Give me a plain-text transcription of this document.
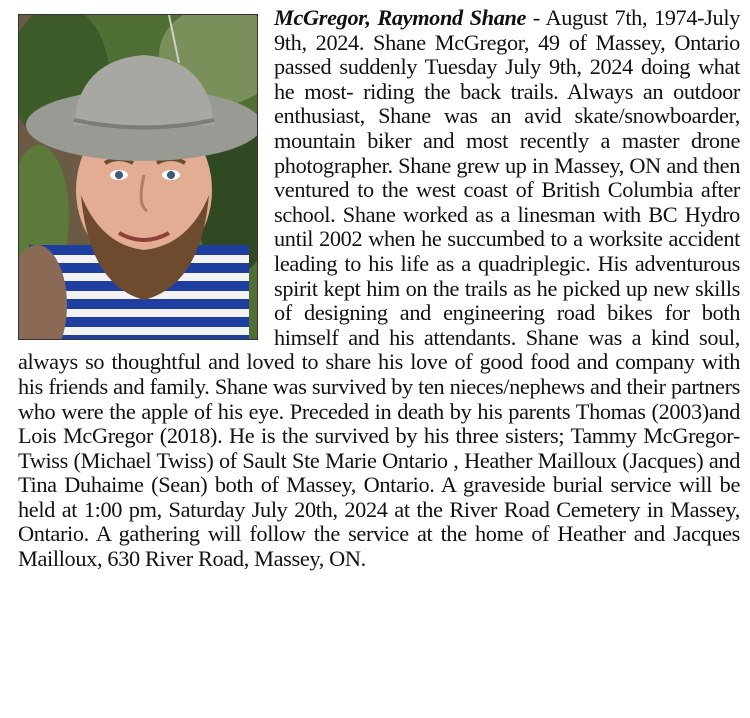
McGregor, Raymond Shane - August 7th, 1974-July 9th, 2024. Shane McGregor, 49 of Massey, Ontario passed suddenly Tuesday July 9th, 2024 doing what he most- riding the back trails. Always an outdoor enthusiast, Shane was an avid skate/snowboarder, mountain biker and most recently a master drone photographer. Shane grew up in Massey, ON and then ventured to the west coast of British Columbia after school. Shane worked as a linesman with BC Hydro until 2002 when he succumbed to a worksite accident leading to his life as a quadriplegic. His adventurous spirit kept him on the trails as he picked up new skills of designing and engineering road bikes for both himself and his attendants. Shane was a kind soul, always so thoughtful and loved to share his love of good food and company with his friends and family. Shane was survived by ten nieces/nephews and their partners who were the apple of his eye. Preceded in death by his parents Thomas (2003)and Lois McGregor (2018). He is the survived by his three sisters; Tammy McGregor- Twiss (Michael Twiss) of Sault Ste Marie Ontario , Heather Mailloux (Jacques) and Tina Duhaime (Sean) both of Massey, Ontario. A graveside burial service will be held at 1:00 pm, Saturday July 20th, 2024 at the River Road Cemetery in Massey, Ontario. A gathering will follow the service at the home of Heather and Jacques Mailloux, 630 River Road, Massey, ON.
